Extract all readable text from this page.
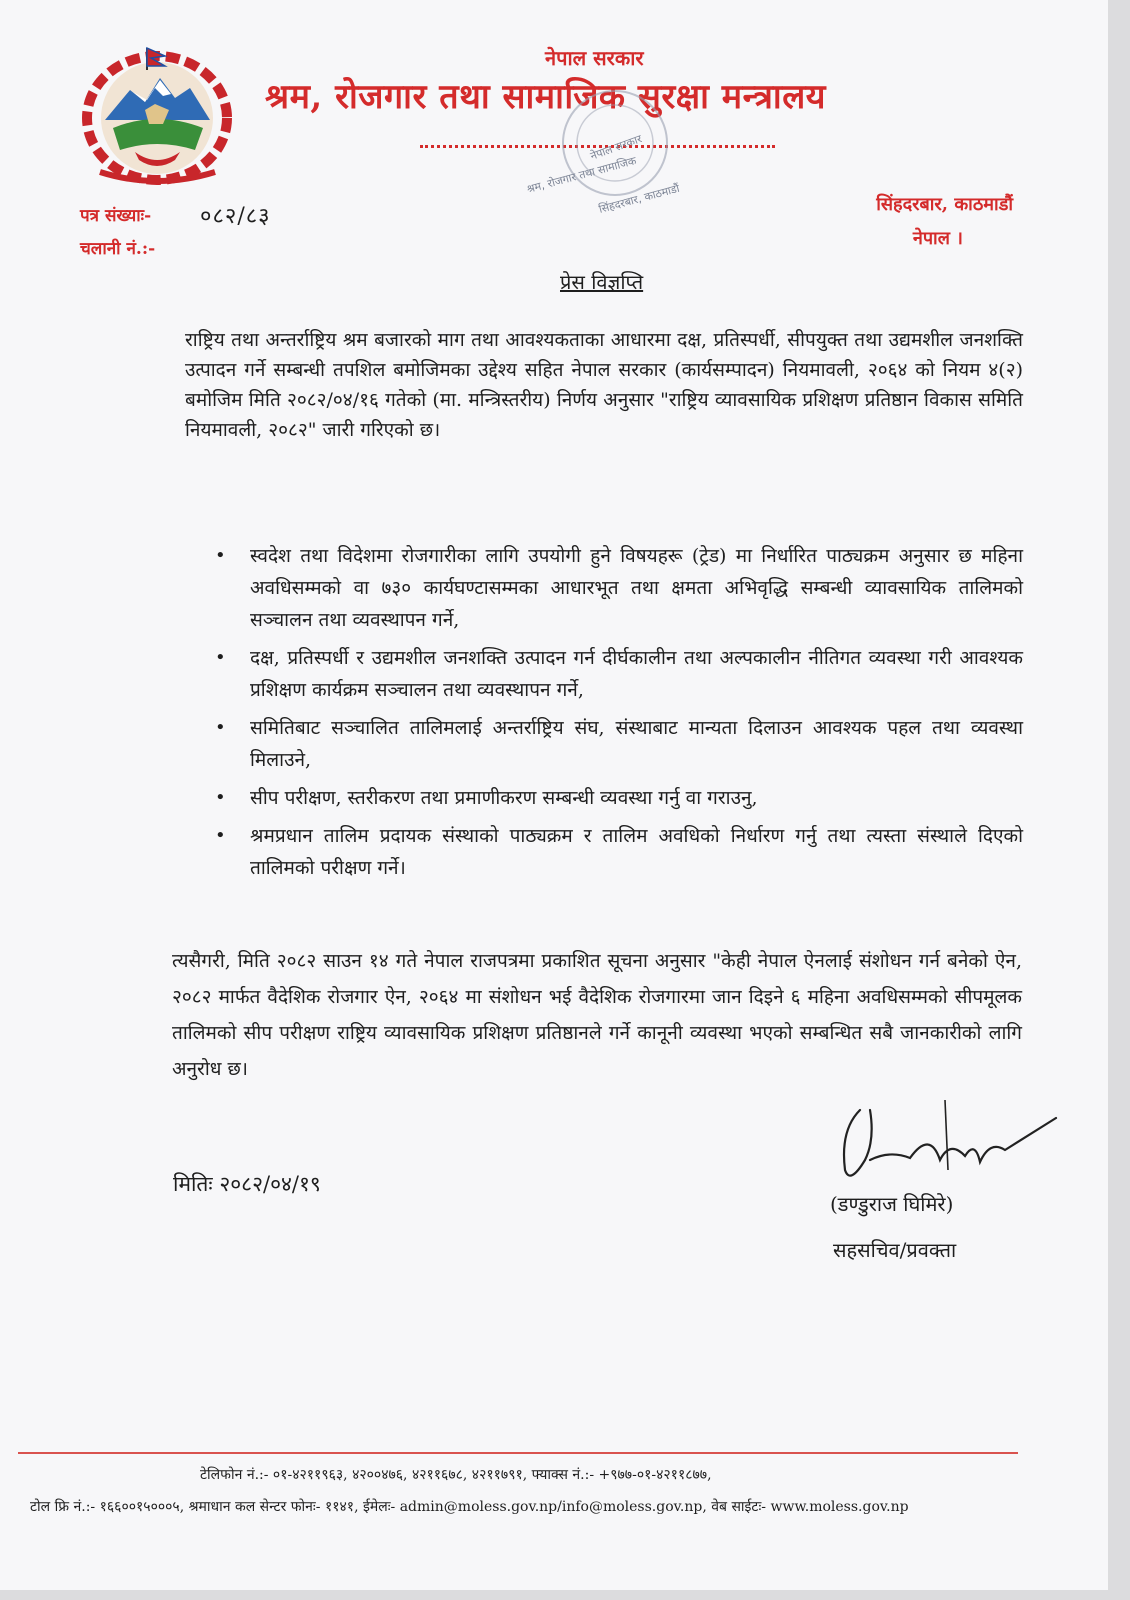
नेपाल सरकार
श्रम, रोजगार तथा सामाजिक सुरक्षा मन्त्रालय
नेपाल सरकार
श्रम, रोजगार तथा सामाजिक
सिंहदरबार, काठमाडौं
पत्र संख्याः- ०८२/८३
चलानी नं.:-
सिंहदरबार, काठमाडौं
नेपाल ।
प्रेस विज्ञप्ति
राष्ट्रिय तथा अन्तर्राष्ट्रिय श्रम बजारको माग तथा आवश्यकताका आधारमा दक्ष, प्रतिस्पर्धी, सीपयुक्त तथा उद्यमशील जनशक्ति उत्पादन गर्ने सम्बन्धी तपशिल बमोजिमका उद्देश्य सहित नेपाल सरकार (कार्यसम्पादन) नियमावली, २०६४ को नियम ४(२) बमोजिम मिति २०८२/०४/१६ गतेको (मा. मन्त्रिस्तरीय) निर्णय अनुसार "राष्ट्रिय व्यावसायिक प्रशिक्षण प्रतिष्ठान विकास समिति नियमावली, २०८२" जारी गरिएको छ।
• स्वदेश तथा विदेशमा रोजगारीका लागि उपयोगी हुने विषयहरू (ट्रेड) मा निर्धारित पाठ्यक्रम अनुसार छ महिना अवधिसम्मको वा ७३० कार्यघण्टासम्मका आधारभूत तथा क्षमता अभिवृद्धि सम्बन्धी व्यावसायिक तालिमको सञ्चालन तथा व्यवस्थापन गर्ने,
• दक्ष, प्रतिस्पर्धी र उद्यमशील जनशक्ति उत्पादन गर्न दीर्घकालीन तथा अल्पकालीन नीतिगत व्यवस्था गरी आवश्यक प्रशिक्षण कार्यक्रम सञ्चालन तथा व्यवस्थापन गर्ने,
• समितिबाट सञ्चालित तालिमलाई अन्तर्राष्ट्रिय संघ, संस्थाबाट मान्यता दिलाउन आवश्यक पहल तथा व्यवस्था मिलाउने,
• सीप परीक्षण, स्तरीकरण तथा प्रमाणीकरण सम्बन्धी व्यवस्था गर्नु वा गराउनु,
• श्रमप्रधान तालिम प्रदायक संस्थाको पाठ्यक्रम र तालिम अवधिको निर्धारण गर्नु तथा त्यस्ता संस्थाले दिएको तालिमको परीक्षण गर्ने।
त्यसैगरी, मिति २०८२ साउन १४ गते नेपाल राजपत्रमा प्रकाशित सूचना अनुसार "केही नेपाल ऐनलाई संशोधन गर्न बनेको ऐन, २०८२ मार्फत वैदेशिक रोजगार ऐन, २०६४ मा संशोधन भई वैदेशिक रोजगारमा जान दिइने ६ महिना अवधिसम्मको सीपमूलक तालिमको सीप परीक्षण राष्ट्रिय व्यावसायिक प्रशिक्षण प्रतिष्ठानले गर्ने कानूनी व्यवस्था भएको सम्बन्धित सबै जानकारीको लागि अनुरोध छ।
मितिः २०८२/०४/१९
(डण्डुराज घिमिरे)
सहसचिव/प्रवक्ता
टेलिफोन नं.:- ०१-४२११९६३, ४२००४७६, ४२११६७८, ४२११७९१, फ्याक्स नं.:- +९७७-०१-४२११८७७,
टोल फ्रि नं.:- १६६००१५०००५, श्रमाधान कल सेन्टर फोनः- ११४१, ईमेलः- admin@moless.gov.np/info@moless.gov.np, वेब साईटः- www.moless.gov.np
